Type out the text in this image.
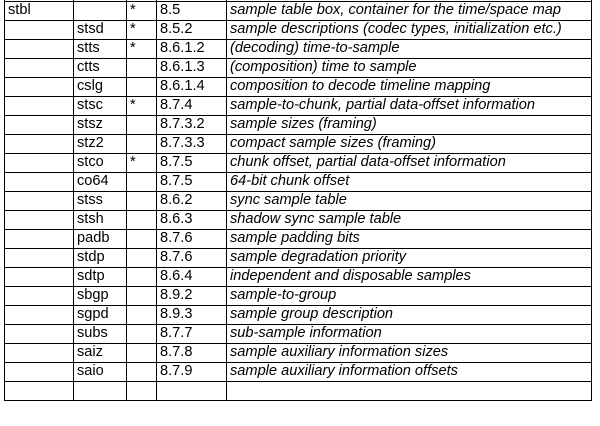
stbl		*	8.5	sample table box, container for the time/space map
	stsd	*	8.5.2	sample descriptions (codec types, initialization etc.)
	stts	*	8.6.1.2	(decoding) time-to-sample
	ctts		8.6.1.3	(composition) time to sample
	cslg		8.6.1.4	composition to decode timeline mapping
	stsc	*	8.7.4	sample-to-chunk, partial data-offset information
	stsz		8.7.3.2	sample sizes (framing)
	stz2		8.7.3.3	compact sample sizes (framing)
	stco	*	8.7.5	chunk offset, partial data-offset information
	co64		8.7.5	64-bit chunk offset
	stss		8.6.2	sync sample table
	stsh		8.6.3	shadow sync sample table
	padb		8.7.6	sample padding bits
	stdp		8.7.6	sample degradation priority
	sdtp		8.6.4	independent and disposable samples
	sbgp		8.9.2	sample-to-group
	sgpd		8.9.3	sample group description
	subs		8.7.7	sub-sample information
	saiz		8.7.8	sample auxiliary information sizes
	saio		8.7.9	sample auxiliary information offsets
